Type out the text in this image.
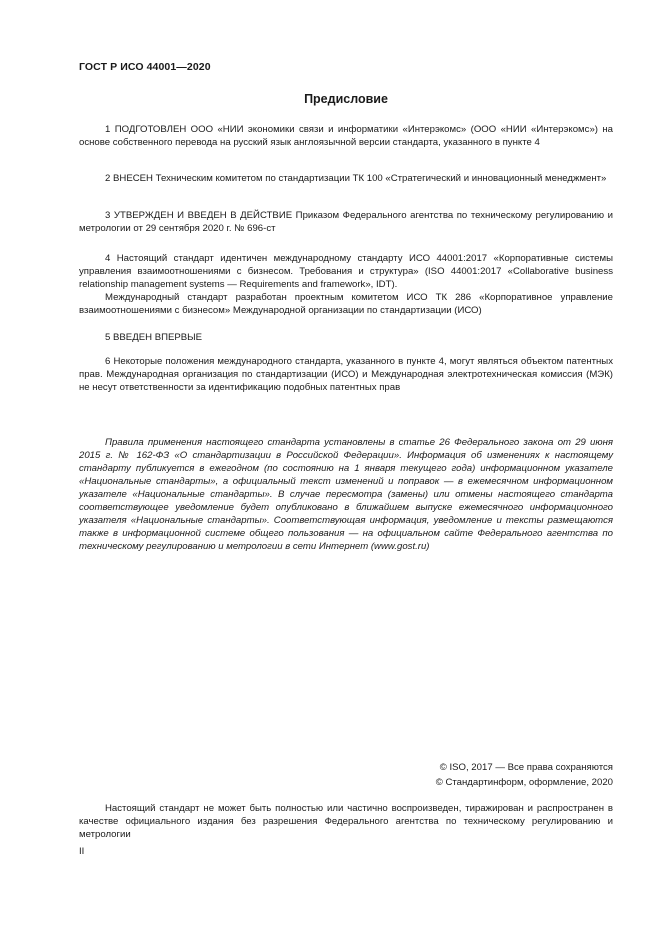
ГОСТ Р ИСО 44001—2020
Предисловие

1 ПОДГОТОВЛЕН ООО «НИИ экономики связи и информатики «Интерэкомс» (ООО «НИИ «Интерэкомс») на основе собственного перевода на русский язык англоязычной версии стандарта, указанного в пункте 4

2 ВНЕСЕН Техническим комитетом по стандартизации ТК 100 «Стратегический и инновационный менеджмент»

3 УТВЕРЖДЕН И ВВЕДЕН В ДЕЙСТВИЕ Приказом Федерального агентства по техническому регулированию и метрологии от 29 сентября 2020 г. № 696-ст

4 Настоящий стандарт идентичен международному стандарту ИСО 44001:2017 «Корпоративные системы управления взаимоотношениями с бизнесом. Требования и структура» (ISO 44001:2017 «Collaborative business relationship management systems — Requirements and framework», IDT).

Международный стандарт разработан проектным комитетом ИСО ТК 286 «Корпоративное управление взаимоотношениями с бизнесом» Международной организации по стандартизации (ИСО)

5 ВВЕДЕН ВПЕРВЫЕ

6 Некоторые положения международного стандарта, указанного в пункте 4, могут являться объектом патентных прав. Международная организация по стандартизации (ИСО) и Международная электротехническая комиссия (МЭК) не несут ответственности за идентификацию подобных патентных прав

Правила применения настоящего стандарта установлены в статье 26 Федерального закона от 29 июня 2015 г. № 162-ФЗ «О стандартизации в Российской Федерации». Информация об изменениях к настоящему стандарту публикуется в ежегодном (по состоянию на 1 января текущего года) информационном указателе «Национальные стандарты», а официальный текст изменений и поправок — в ежемесячном информационном указателе «Национальные стандарты». В случае пересмотра (замены) или отмены настоящего стандарта соответствующее уведомление будет опубликовано в ближайшем выпуске ежемесячного информационного указателя «Национальные стандарты». Соответствующая информация, уведомление и тексты размещаются также в информационной системе общего пользования — на официальном сайте Федерального агентства по техническому регулированию и метрологии в сети Интернет (www.gost.ru)

© ISO, 2017 — Все права сохраняются
© Стандартинформ, оформление, 2020

Настоящий стандарт не может быть полностью или частично воспроизведен, тиражирован и распространен в качестве официального издания без разрешения Федерального агентства по техническому регулированию и метрологии

II
